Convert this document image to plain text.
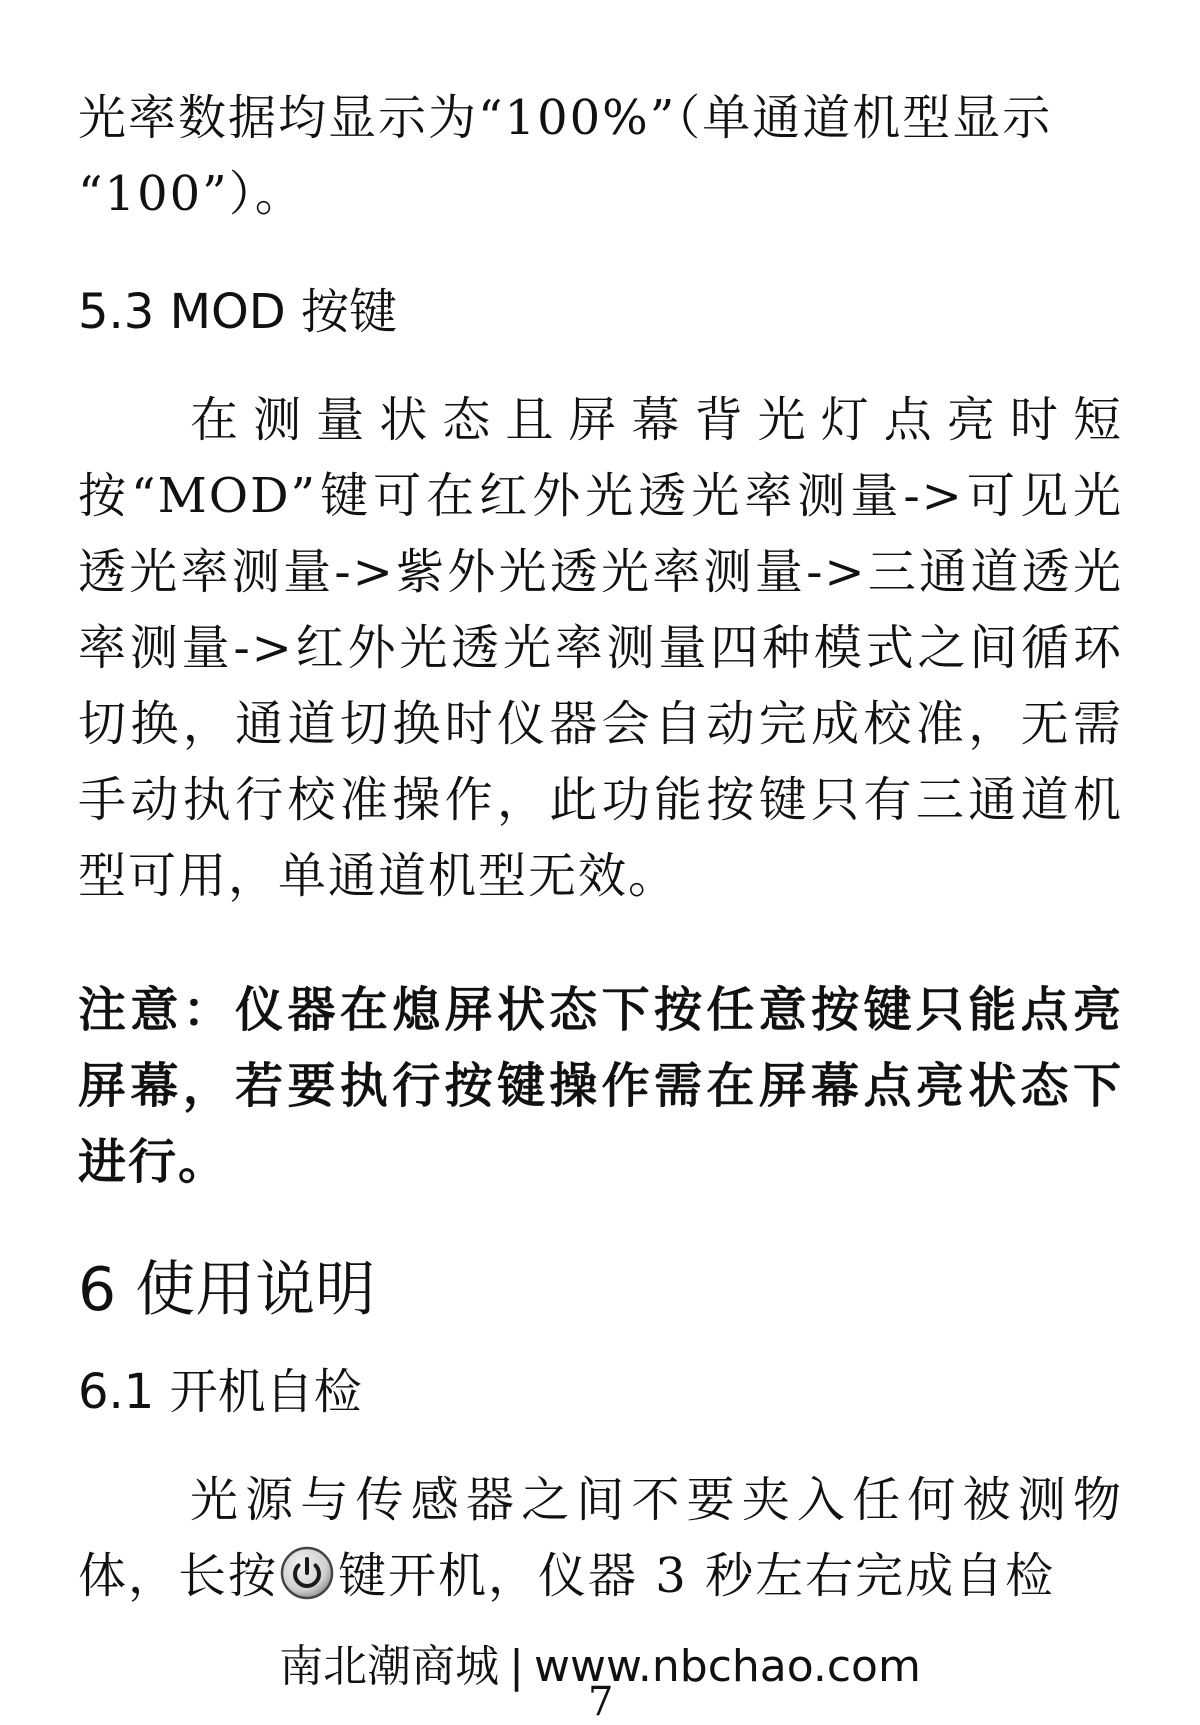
光率数据均显示为“100%”（单通道机型显示
“100”）。

5.3 MOD 按键

在测量状态且屏幕背光灯点亮时短按“MOD”键可在红外光透光率测量->可见光透光率测量->紫外光透光率测量->三通道透光率测量->红外光透光率测量四种模式之间循环切换，通道切换时仪器会自动完成校准，无需手动执行校准操作，此功能按键只有三通道机型可用，单通道机型无效。

注意：仪器在熄屏状态下按任意按键只能点亮屏幕，若要执行按键操作需在屏幕点亮状态下进行。

6 使用说明
6.1 开机自检

光源与传感器之间不要夹入任何被测物体，长按 键开机，仪器 3 秒左右完成自检

南北潮商城 | www.nbchao.com
7
